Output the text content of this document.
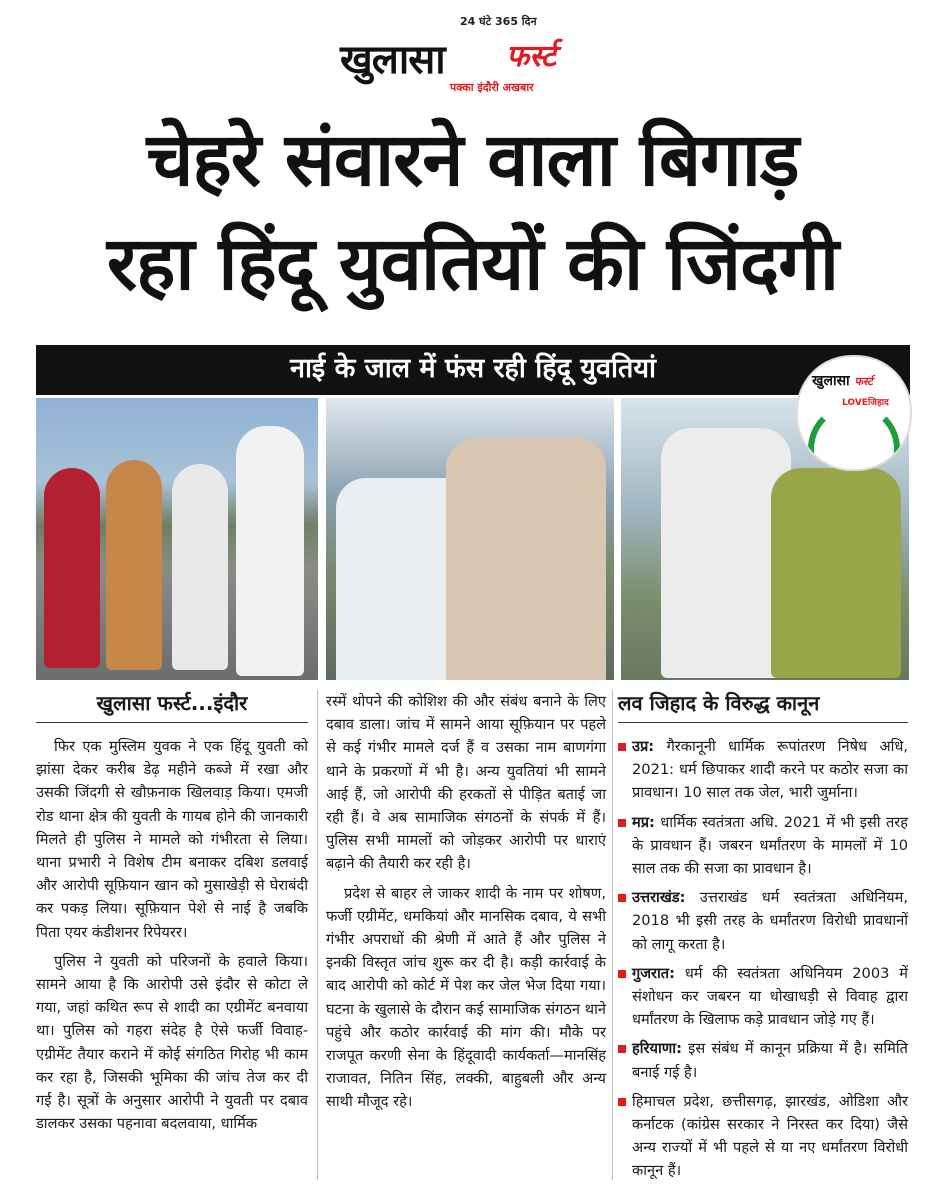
24 घंटे 365 दिन
खुलासा फर्स्ट
पक्का इंदौरी अखबार
चेहरे संवारने वाला बिगाड़
रहा हिंदू युवतियों की जिंदगी
नाई के जाल में फंस रही हिंदू युवतियां	खुलासा फर्स्ट
LOVEजिहाद
खुलासा फर्स्ट...इंदौर

फिर एक मुस्लिम युवक ने एक हिंदू युवती को झांसा देकर करीब डेढ़ महीने कब्जे में रखा और उसकी जिंदगी से खौफ़नाक खिलवाड़ किया। एमजी रोड थाना क्षेत्र की युवती के गायब होने की जानकारी मिलते ही पुलिस ने मामले को गंभीरता से लिया। थाना प्रभारी ने विशेष टीम बनाकर दबिश डलवाई और आरोपी सूफ़ियान खान को मुसाखेड़ी से घेराबंदी कर पकड़ लिया। सूफ़ियान पेशे से नाई है जबकि पिता एयर कंडीशनर रिपेयरर।

पुलिस ने युवती को परिजनों के हवाले किया। सामने आया है कि आरोपी उसे इंदौर से कोटा ले गया, जहां कथित रूप से शादी का एग्रीमेंट बनवाया था। पुलिस को गहरा संदेह है ऐसे फर्जी विवाह-एग्रीमेंट तैयार कराने में कोई संगठित गिरोह भी काम कर रहा है, जिसकी भूमिका की जांच तेज कर दी गई है। सूत्रों के अनुसार आरोपी ने युवती पर दबाव डालकर उसका पहनावा बदलवाया, धार्मिक

रस्में थोपने की कोशिश की और संबंध बनाने के लिए दबाव डाला। जांच में सामने आया सूफ़ियान पर पहले से कई गंभीर मामले दर्ज हैं व उसका नाम बाणगंगा थाने के प्रकरणों में भी है। अन्य युवतियां भी सामने आई हैं, जो आरोपी की हरकतों से पीड़ित बताई जा रही हैं। वे अब सामाजिक संगठनों के संपर्क में हैं। पुलिस सभी मामलों को जोड़कर आरोपी पर धाराएं बढ़ाने की तैयारी कर रही है।

प्रदेश से बाहर ले जाकर शादी के नाम पर शोषण, फर्जी एग्रीमेंट, धमकियां और मानसिक दबाव, ये सभी गंभीर अपराधों की श्रेणी में आते हैं और पुलिस ने इनकी विस्तृत जांच शुरू कर दी है। कड़ी कार्रवाई के बाद आरोपी को कोर्ट में पेश कर जेल भेज दिया गया। घटना के खुलासे के दौरान कई सामाजिक संगठन थाने पहुंचे और कठोर कार्रवाई की मांग की। मौके पर राजपूत करणी सेना के हिंदूवादी कार्यकर्ता—मानसिंह राजावत, नितिन सिंह, लक्की, बाहुबली और अन्य साथी मौजूद रहे।

लव जिहाद के विरुद्ध कानून
उप्र: गैरकानूनी धार्मिक रूपांतरण निषेध अधि, 2021: धर्म छिपाकर शादी करने पर कठोर सजा का प्रावधान। 10 साल तक जेल, भारी जुर्माना।
मप्र: धार्मिक स्वतंत्रता अधि. 2021 में भी इसी तरह के प्रावधान हैं। जबरन धर्मांतरण के मामलों में 10 साल तक की सजा का प्रावधान है।
उत्तराखंड: उत्तराखंड धर्म स्वतंत्रता अधिनियम, 2018 भी इसी तरह के धर्मांतरण विरोधी प्रावधानों को लागू करता है।
गुजरात: धर्म की स्वतंत्रता अधिनियम 2003 में संशोधन कर जबरन या धोखाधड़ी से विवाह द्वारा धर्मांतरण के खिलाफ कड़े प्रावधान जोड़े गए हैं।
हरियाणा: इस संबंध में कानून प्रक्रिया में है। समिति बनाई गई है।
हिमाचल प्रदेश, छत्तीसगढ़, झारखंड, ओडिशा और कर्नाटक (कांग्रेस सरकार ने निरस्त कर दिया) जैसे अन्य राज्यों में भी पहले से या नए धर्मांतरण विरोधी कानून हैं।
